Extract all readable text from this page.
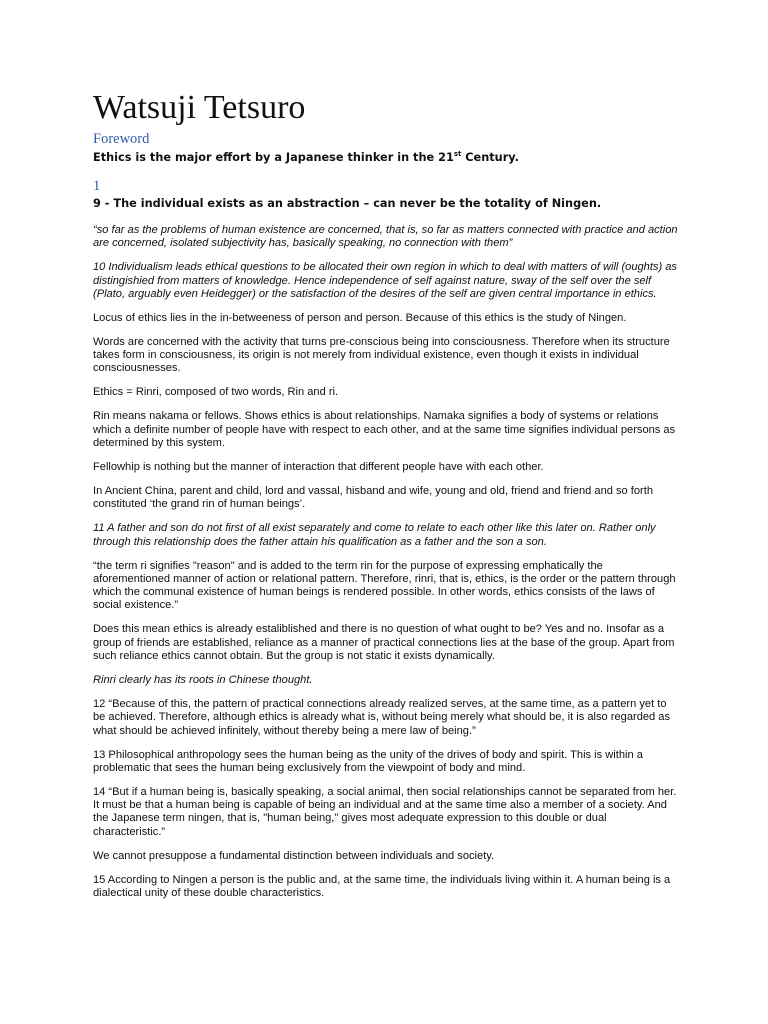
Watsuji Tetsuro
Foreword
Ethics is the major effort by a Japanese thinker in the 21st Century.
1
9 - The individual exists as an abstraction – can never be the totality of Ningen.

“so far as the problems of human existence are concerned, that is, so far as matters connected with practice and action are concerned, isolated subjectivity has, basically speaking, no connection with them”

10 Individualism leads ethical questions to be allocated their own region in which to deal with matters of will (oughts) as distingishied from matters of knowledge. Hence independence of self against nature, sway of the self over the self (Plato, arguably even Heidegger) or the satisfaction of the desires of the self are given central importance in ethics.

Locus of ethics lies in the in-betweeness of person and person. Because of this ethics is the study of Ningen.

Words are concerned with the activity that turns pre-conscious being into consciousness. Therefore when its structure takes form in consciousness, its origin is not merely from individual existence, even though it exists in individual consciousnesses.

Ethics = Rinri, composed of two words, Rin and ri.

Rin means nakama or fellows. Shows ethics is about relationships. Namaka signifies a body of systems or relations which a definite number of people have with respect to each other, and at the same time signifies individual persons as determined by this system.

Fellowhip is nothing but the manner of interaction that different people have with each other.

In Ancient China, parent and child, lord and vassal, hisband and wife, young and old, friend and friend and so forth constituted ‘the grand rin of human beings’.

11 A father and son do not first of all exist separately and come to relate to each other like this later on. Rather only through this relationship does the father attain his qualification as a father and the son a son.

“the term ri signifies "reason" and is added to the term rin for the purpose of expressing emphatically the aforementioned manner of action or relational pattern. Therefore, rinri, that is, ethics, is the order or the pattern through which the communal existence of human beings is rendered possible. In other words, ethics consists of the laws of social existence.”

Does this mean ethics is already estaliblished and there is no question of what ought to be? Yes and no. Insofar as a group of friends are established, reliance as a manner of practical connections lies at the base of the group. Apart from such reliance ethics cannot obtain. But the group is not static it exists dynamically.

Rinri clearly has its roots in Chinese thought.

12 “Because of this, the pattern of practical connections already realized serves, at the same time, as a pattern yet to be achieved. Therefore, although ethics is already what is, without being merely what should be, it is also regarded as what should be achieved infinitely, without thereby being a mere law of being.”

13 Philosophical anthropology sees the human being as the unity of the drives of body and spirit. This is within a problematic that sees the human being exclusively from the viewpoint of body and mind.

14 “But if a human being is, basically speaking, a social animal, then social relationships cannot be separated from her. It must be that a human being is capable of being an individual and at the same time also a member of a society. And the Japanese term ningen, that is, "human being," gives most adequate expression to this double or dual characteristic.”

We cannot presuppose a fundamental distinction between individuals and society.

15 According to Ningen a person is the public and, at the same time, the individuals living within it. A human being is a dialectical unity of these double characteristics.
